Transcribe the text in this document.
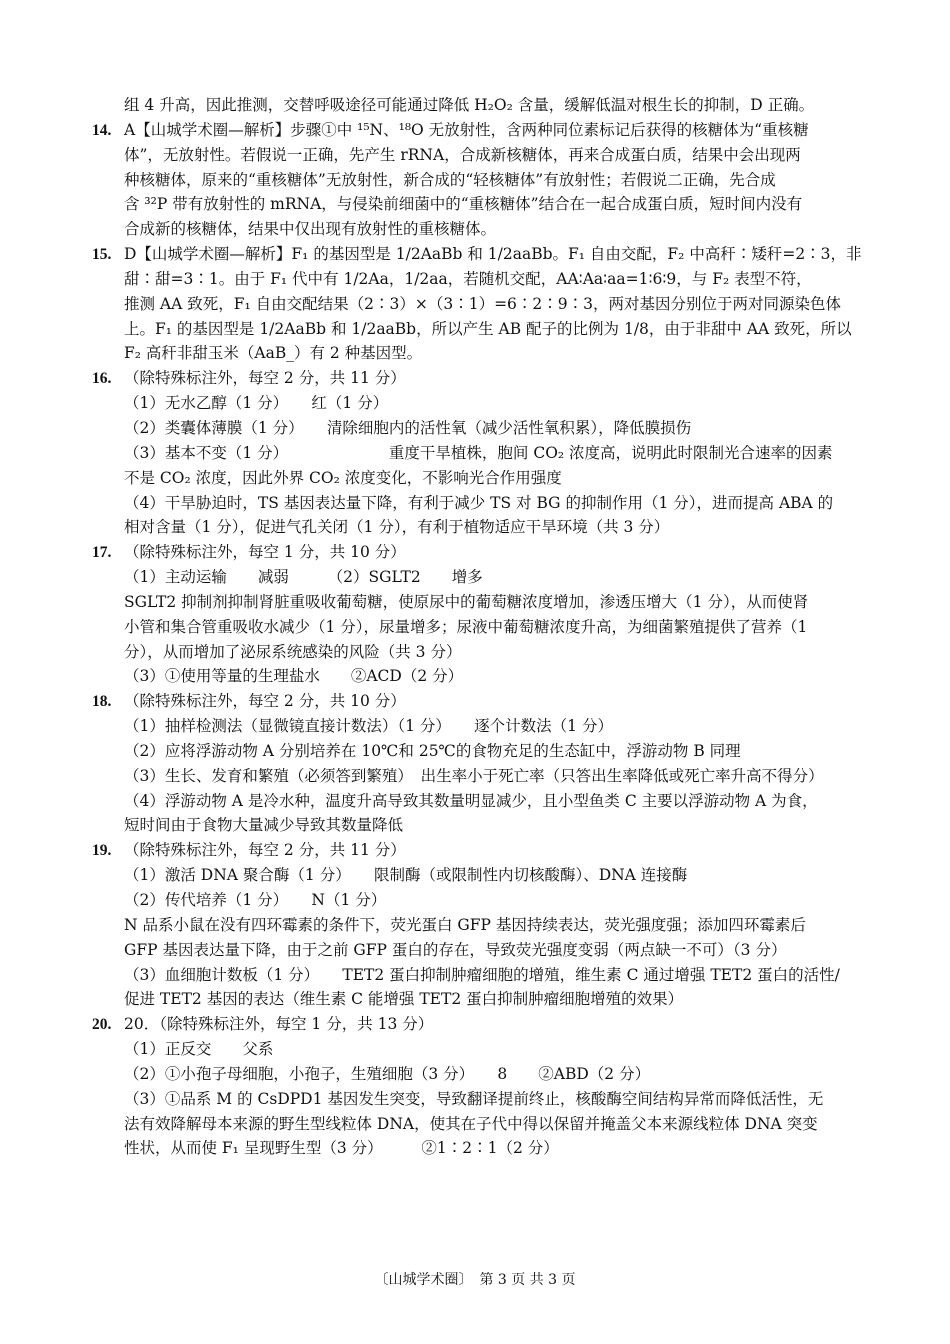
组 4 升高，因此推测，交替呼吸途径可能通过降低 H₂O₂ 含量，缓解低温对根生长的抑制，D 正确。
14. A【山城学术圈—解析】步骤①中 ¹⁵N、¹⁸O 无放射性，含两种同位素标记后获得的核糖体为“重核糖
体”，无放射性。若假说一正确，先产生 rRNA，合成新核糖体，再来合成蛋白质，结果中会出现两
种核糖体，原来的“重核糖体”无放射性，新合成的“轻核糖体”有放射性；若假说二正确，先合成
含 ³²P 带有放射性的 mRNA，与侵染前细菌中的“重核糖体”结合在一起合成蛋白质，短时间内没有
合成新的核糖体，结果中仅出现有放射性的重核糖体。
15. D【山城学术圈—解析】F₁ 的基因型是 1/2AaBb 和 1/2aaBb。F₁ 自由交配，F₂ 中高秆∶矮秆=2∶3，非
甜∶甜=3∶1。由于 F₁ 代中有 1/2Aa，1/2aa，若随机交配，AA∶Aa∶aa=1∶6∶9，与 F₂ 表型不符，
推测 AA 致死，F₁ 自由交配结果（2∶3）×（3∶1）=6∶2∶9∶3，两对基因分别位于两对同源染色体
上。F₁ 的基因型是 1/2AaBb 和 1/2aaBb，所以产生 AB 配子的比例为 1/8，由于非甜中 AA 致死，所以
F₂ 高秆非甜玉米（AaB_）有 2 种基因型。
16. （除特殊标注外，每空 2 分，共 11 分）
（1）无水乙醇（1 分）　　红（1 分）
（2）类囊体薄膜（1 分）　　清除细胞内的活性氧（减少活性氧积累），降低膜损伤
（3）基本不变（1 分）　　　　　　　重度干旱植株，胞间 CO₂ 浓度高，说明此时限制光合速率的因素
不是 CO₂ 浓度，因此外界 CO₂ 浓度变化，不影响光合作用强度
（4）干旱胁迫时，TS 基因表达量下降，有利于减少 TS 对 BG 的抑制作用（1 分），进而提高 ABA 的
相对含量（1 分），促进气孔关闭（1 分），有利于植物适应干旱环境（共 3 分）
17. （除特殊标注外，每空 1 分，共 10 分）
（1）主动运输　　减弱　　　（2）SGLT2　　增多
SGLT2 抑制剂抑制肾脏重吸收葡萄糖，使原尿中的葡萄糖浓度增加，渗透压增大（1 分），从而使肾
小管和集合管重吸收水减少（1 分），尿量增多；尿液中葡萄糖浓度升高，为细菌繁殖提供了营养（1
分），从而增加了泌尿系统感染的风险（共 3 分）
（3）①使用等量的生理盐水　　②ACD（2 分）
18. （除特殊标注外，每空 2 分，共 10 分）
（1）抽样检测法（显微镜直接计数法）（1 分）　　逐个计数法（1 分）
（2）应将浮游动物 A 分别培养在 10℃和 25℃的食物充足的生态缸中，浮游动物 B 同理
（3）生长、发育和繁殖（必须答到繁殖）　出生率小于死亡率（只答出生率降低或死亡率升高不得分）
（4）浮游动物 A 是冷水种，温度升高导致其数量明显减少，且小型鱼类 C 主要以浮游动物 A 为食，
短时间由于食物大量减少导致其数量降低
19. （除特殊标注外，每空 2 分，共 11 分）
（1）激活 DNA 聚合酶（1 分）　　限制酶（或限制性内切核酸酶）、DNA 连接酶
（2）传代培养（1 分）　　N（1 分）
N 品系小鼠在没有四环霉素的条件下，荧光蛋白 GFP 基因持续表达，荧光强度强；添加四环霉素后
GFP 基因表达量下降，由于之前 GFP 蛋白的存在，导致荧光强度变弱（两点缺一不可）（3 分）
（3）血细胞计数板（1 分）　　TET2 蛋白抑制肿瘤细胞的增殖，维生素 C 通过增强 TET2 蛋白的活性/
促进 TET2 基因的表达（维生素 C 能增强 TET2 蛋白抑制肿瘤细胞增殖的效果）
20. 20．（除特殊标注外，每空 1 分，共 13 分）
（1）正反交　　父系
（2）①小孢子母细胞，小孢子，生殖细胞（3 分）　　8　　②ABD（2 分）
（3）①品系 M 的 CsDPD1 基因发生突变，导致翻译提前终止，核酸酶空间结构异常而降低活性，无
法有效降解母本来源的野生型线粒体 DNA，使其在子代中得以保留并掩盖父本来源线粒体 DNA 突变
性状，从而使 F₁ 呈现野生型（3 分）　　　②1∶2∶1（2 分）
〔山城学术圈〕　第 3 页 共 3 页
